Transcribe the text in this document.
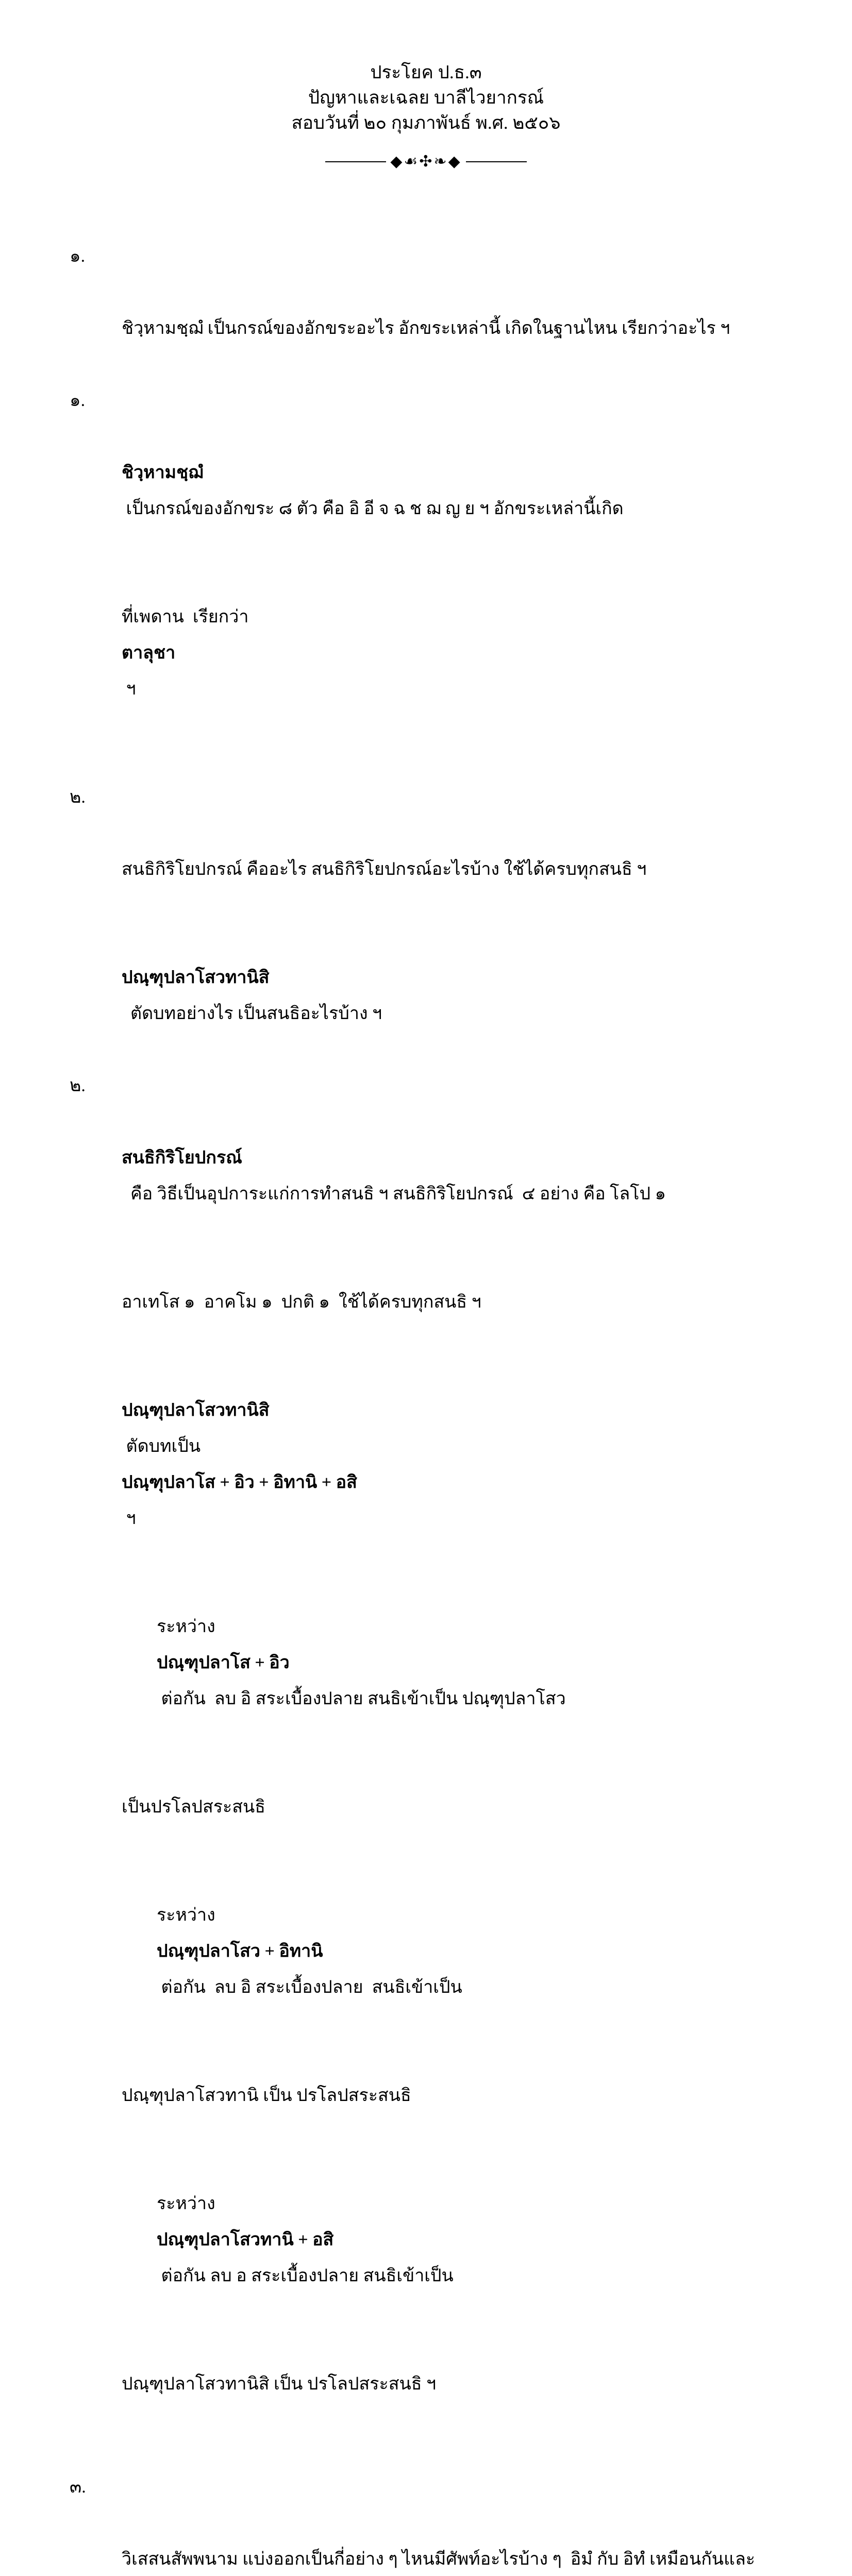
ประโยค ป.ธ.๓
ปัญหาและเฉลย บาลีไวยากรณ์
สอบวันที่ ๒๐ กุมภาพันธ์ พ.ศ. ๒๕๐๖
◆☙✣❧◆

๑.

ชิวฺหามชฺฌํ เป็นกรณ์ของอักขระอะไร อักขระเหล่านี้ เกิดในฐานไหน เรียกว่าอะไร ฯ

๑.

ชิวฺหามชฺฌํ
เป็นกรณ์ของอักขระ ๘ ตัว คือ อิ อี จ ฉ ช ฌ ญ ย ฯ อักขระเหล่านี้เกิด

ที่เพดาน  เรียกว่า
ตาลุชา
ฯ

๒.

สนธิกิริโยปกรณ์ คืออะไร สนธิกิริโยปกรณ์อะไรบ้าง ใช้ได้ครบทุกสนธิ ฯ

ปณฺฑุปลาโสวทานิสิ
ตัดบทอย่างไร เป็นสนธิอะไรบ้าง ฯ

๒.

สนธิกิริโยปกรณ์
คือ วิธีเป็นอุปการะแก่การทำสนธิ ฯ สนธิกิริโยปกรณ์  ๔ อย่าง คือ โลโป ๑

อาเทโส ๑  อาคโม ๑  ปกติ ๑  ใช้ได้ครบทุกสนธิ ฯ

ปณฺฑุปลาโสวทานิสิ
ตัดบทเป็น
ปณฺฑุปลาโส + อิว + อิทานิ + อสิ
ฯ

ระหว่าง
ปณฺฑุปลาโส + อิว
ต่อกัน  ลบ อิ สระเบื้องปลาย สนธิเข้าเป็น ปณฺฑุปลาโสว

เป็นปรโลปสระสนธิ

ระหว่าง
ปณฺฑุปลาโสว + อิทานิ
ต่อกัน  ลบ อิ สระเบื้องปลาย  สนธิเข้าเป็น

ปณฺฑุปลาโสวทานิ เป็น ปรโลปสระสนธิ

ระหว่าง
ปณฺฑุปลาโสวทานิ + อสิ
ต่อกัน ลบ อ สระเบื้องปลาย สนธิเข้าเป็น

ปณฺฑุปลาโสวทานิสิ เป็น ปรโลปสระสนธิ ฯ

๓.

วิเสสนสัพพนาม แบ่งออกเป็นกี่อย่าง ๆ ไหนมีศัพท์อะไรบ้าง ๆ  อิมํ กับ อิทํ เหมือนกันและ
